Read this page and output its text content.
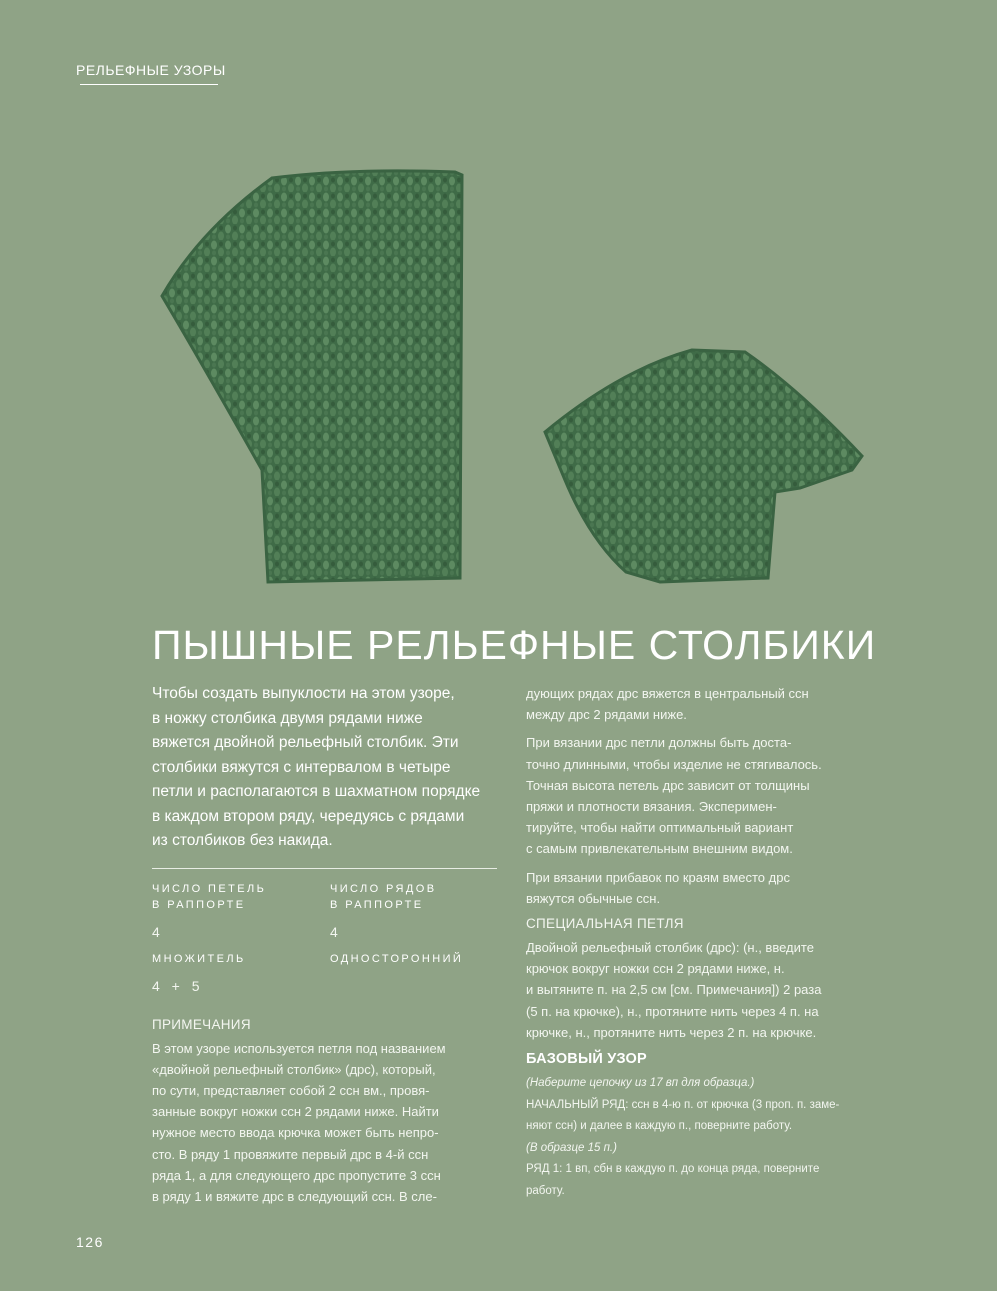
РЕЛЬЕФНЫЕ УЗОРЫ
ПЫШНЫЕ РЕЛЬЕФНЫЕ СТОЛБИКИ

Чтобы создать выпуклости на этом узоре,

в ножку столбика двумя рядами ниже

вяжется двойной рельефный столбик. Эти

столбики вяжутся с интервалом в четыре

петли и располагаются в шахматном порядке

в каждом втором ряду, чередуясь с рядами

из столбиков без накида.

ЧИСЛО ПЕТЕЛЬ
В РАППОРТЕ
4
ЧИСЛО РЯДОВ
В РАППОРТЕ
4
МНОЖИТЕЛЬ
4 + 5
ОДНОСТОРОННИЙ
ПРИМЕЧАНИЯ

В этом узоре используется петля под названием

«двойной рельефный столбик» (дрс), который,

по сути, представляет собой 2 ссн вм., провя-

занные вокруг ножки ссн 2 рядами ниже. Найти

нужное место ввода крючка может быть непро-

сто. В ряду 1 провяжите первый дрс в 4-й ссн

ряда 1, а для следующего дрс пропустите 3 ссн

в ряду 1 и вяжите дрс в следующий ссн. В сле-

дующих рядах дрс вяжется в центральный ссн
между дрс 2 рядами ниже.

При вязании дрс петли должны быть доста-
точно длинными, чтобы изделие не стягивалось.
Точная высота петель дрс зависит от толщины
пряжи и плотности вязания. Эксперимен-
тируйте, чтобы найти оптимальный вариант
с самым привлекательным внешним видом.

При вязании прибавок по краям вместо дрс
вяжутся обычные ссн.

СПЕЦИАЛЬНАЯ ПЕТЛЯ

Двойной рельефный столбик (дрс): (н., введите
крючок вокруг ножки ссн 2 рядами ниже, н.
и вытяните п. на 2,5 см [см. Примечания]) 2 раза
(5 п. на крючке), н., протяните нить через 4 п. на
крючке, н., протяните нить через 2 п. на крючке.

БАЗОВЫЙ УЗОР

(Наберите цепочку из 17 вп для образца.)

НАЧАЛЬНЫЙ РЯД: ссн в 4-ю п. от крючка (3 проп. п. заме-

няют ссн) и далее в каждую п., поверните работу.

(В образце 15 п.)

РЯД 1: 1 вп, сбн в каждую п. до конца ряда, поверните

работу.

126
